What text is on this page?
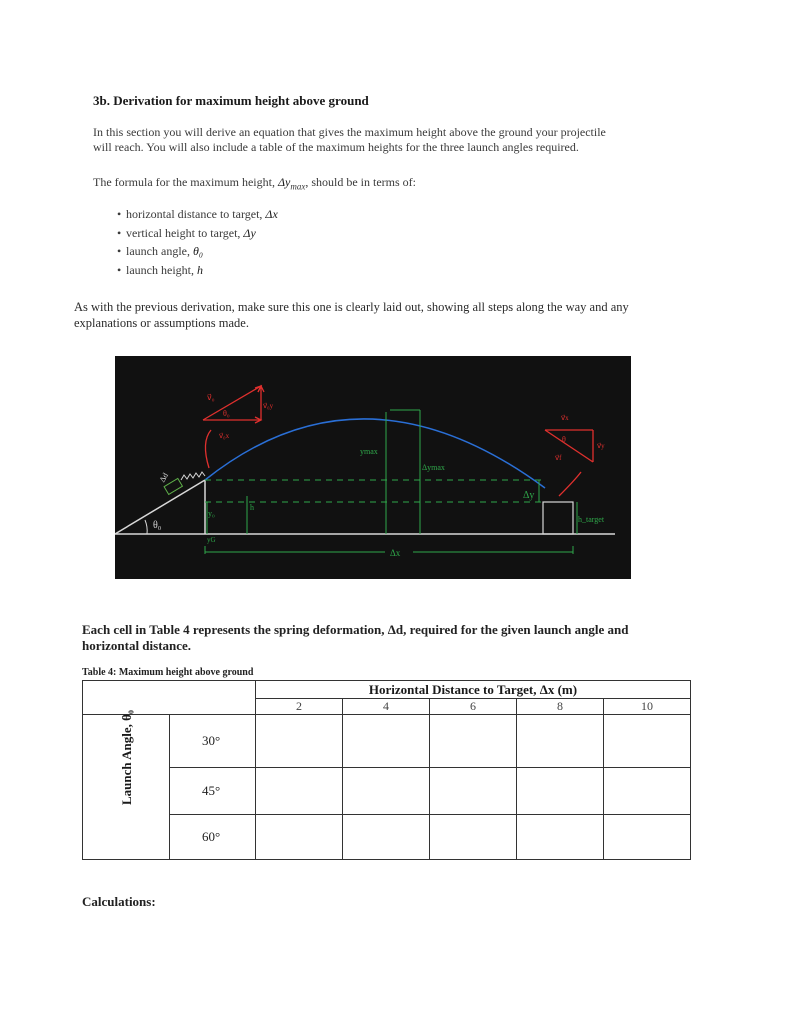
3b. Derivation for maximum height above ground
In this section you will derive an equation that gives the maximum height above the ground your projectile
will reach. You will also include a table of the maximum heights for the three launch angles required.
The formula for the maximum height, $\Delta y_{max}$, should be in terms of:
• horizontal distance to target, Δx
• vertical height to target, Δy
• launch angle, θ₀
• launch height, h
As with the previous derivation, make sure this one is clearly laid out, showing all steps along the way and any
explanations or assumptions made.
θ₀
Δd
y₀
h
yG
ymax
Δymax
Δy
h_target
Δx
v⃗₀
θ₀
v⃗₀y
v⃗₀x
v⃗x
θ
v⃗y
v⃗f
Each cell in Table 4 represents the spring deformation, Δd, required for the given launch angle and
horizontal distance.
Table 4: Maximum height above ground
		Horizontal Distance to Target, Δx (m)				
		2	4	6	8	10

Launch Angle, θ₀	30°					
	45°					
	60°					
Calculations:
